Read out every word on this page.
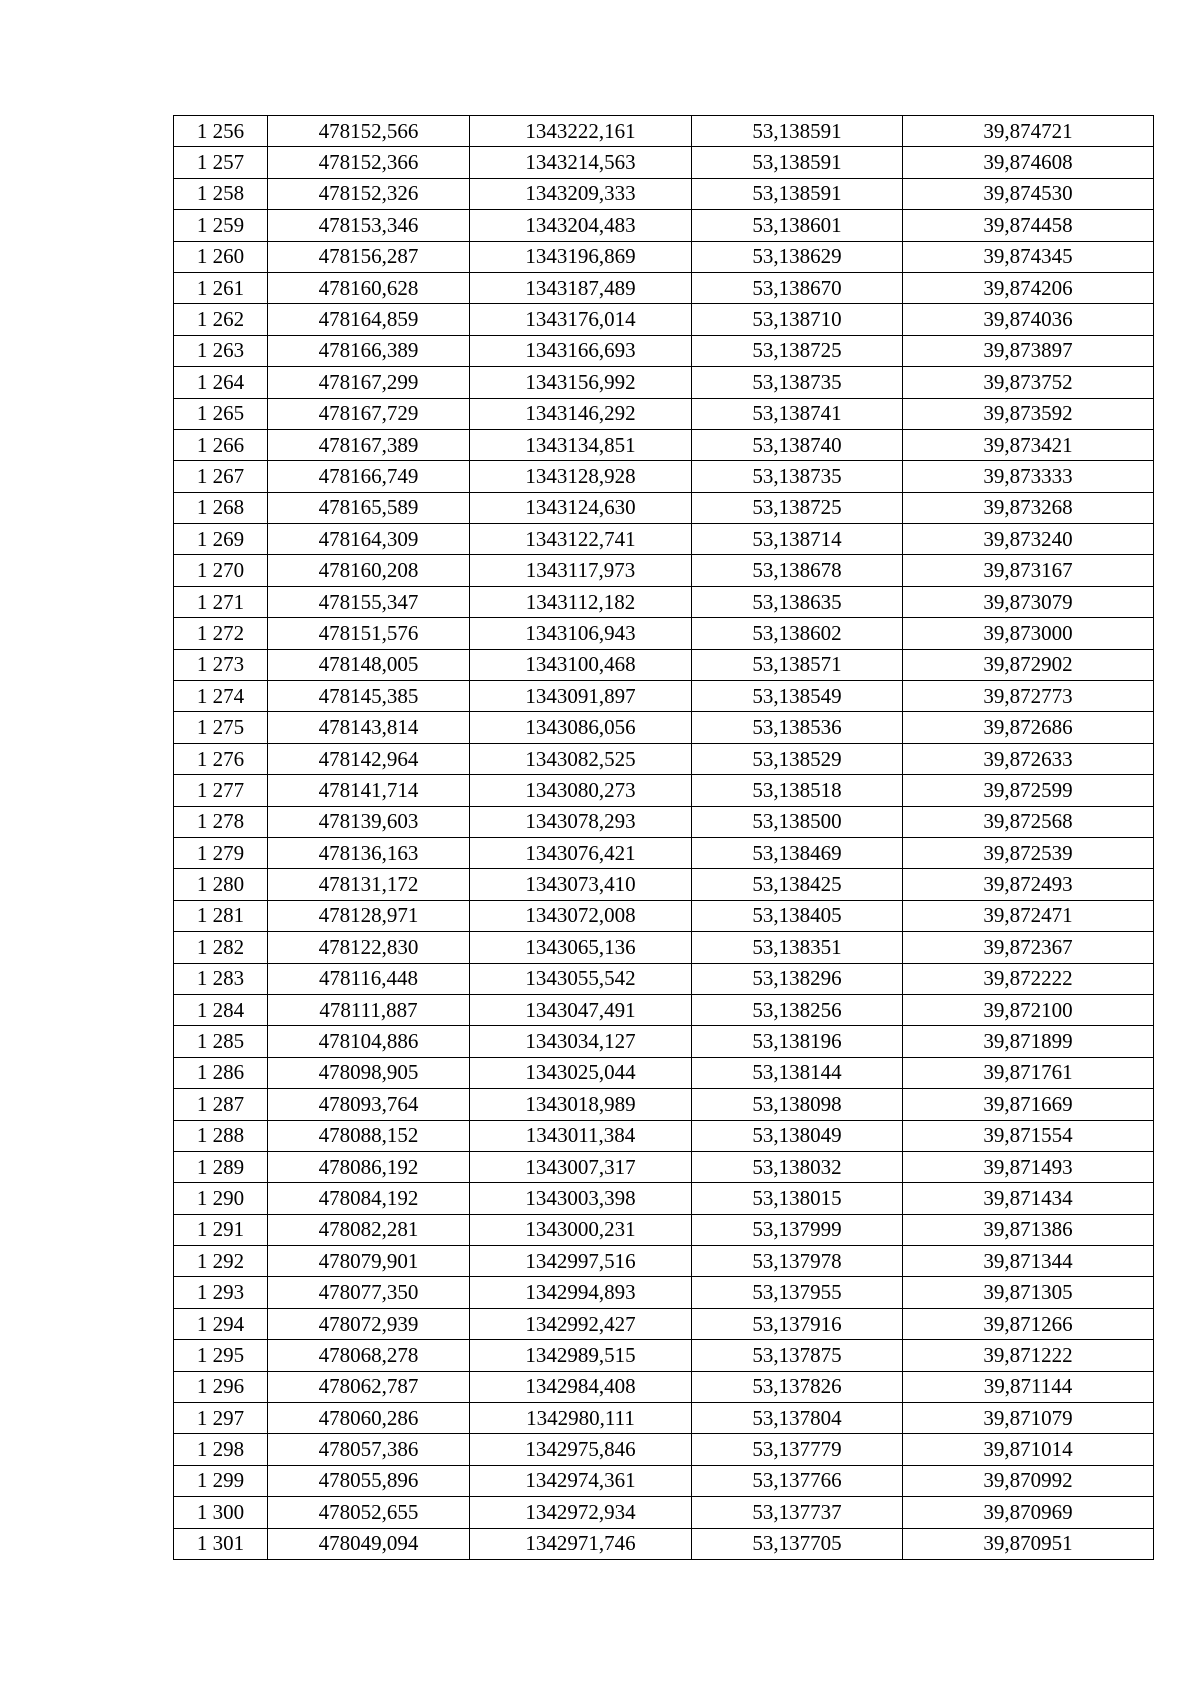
1 256	478152,566	1343222,161	53,138591	39,874721
1 257	478152,366	1343214,563	53,138591	39,874608
1 258	478152,326	1343209,333	53,138591	39,874530
1 259	478153,346	1343204,483	53,138601	39,874458
1 260	478156,287	1343196,869	53,138629	39,874345
1 261	478160,628	1343187,489	53,138670	39,874206
1 262	478164,859	1343176,014	53,138710	39,874036
1 263	478166,389	1343166,693	53,138725	39,873897
1 264	478167,299	1343156,992	53,138735	39,873752
1 265	478167,729	1343146,292	53,138741	39,873592
1 266	478167,389	1343134,851	53,138740	39,873421
1 267	478166,749	1343128,928	53,138735	39,873333
1 268	478165,589	1343124,630	53,138725	39,873268
1 269	478164,309	1343122,741	53,138714	39,873240
1 270	478160,208	1343117,973	53,138678	39,873167
1 271	478155,347	1343112,182	53,138635	39,873079
1 272	478151,576	1343106,943	53,138602	39,873000
1 273	478148,005	1343100,468	53,138571	39,872902
1 274	478145,385	1343091,897	53,138549	39,872773
1 275	478143,814	1343086,056	53,138536	39,872686
1 276	478142,964	1343082,525	53,138529	39,872633
1 277	478141,714	1343080,273	53,138518	39,872599
1 278	478139,603	1343078,293	53,138500	39,872568
1 279	478136,163	1343076,421	53,138469	39,872539
1 280	478131,172	1343073,410	53,138425	39,872493
1 281	478128,971	1343072,008	53,138405	39,872471
1 282	478122,830	1343065,136	53,138351	39,872367
1 283	478116,448	1343055,542	53,138296	39,872222
1 284	478111,887	1343047,491	53,138256	39,872100
1 285	478104,886	1343034,127	53,138196	39,871899
1 286	478098,905	1343025,044	53,138144	39,871761
1 287	478093,764	1343018,989	53,138098	39,871669
1 288	478088,152	1343011,384	53,138049	39,871554
1 289	478086,192	1343007,317	53,138032	39,871493
1 290	478084,192	1343003,398	53,138015	39,871434
1 291	478082,281	1343000,231	53,137999	39,871386
1 292	478079,901	1342997,516	53,137978	39,871344
1 293	478077,350	1342994,893	53,137955	39,871305
1 294	478072,939	1342992,427	53,137916	39,871266
1 295	478068,278	1342989,515	53,137875	39,871222
1 296	478062,787	1342984,408	53,137826	39,871144
1 297	478060,286	1342980,111	53,137804	39,871079
1 298	478057,386	1342975,846	53,137779	39,871014
1 299	478055,896	1342974,361	53,137766	39,870992
1 300	478052,655	1342972,934	53,137737	39,870969
1 301	478049,094	1342971,746	53,137705	39,870951
